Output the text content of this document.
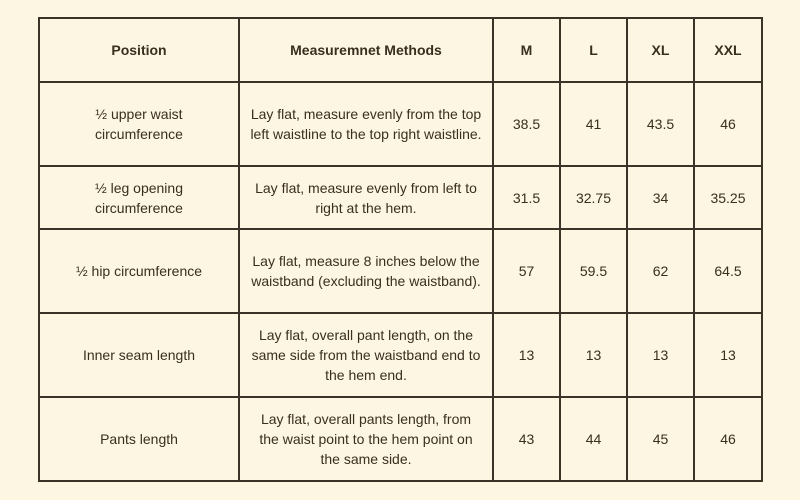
Position	Measuremnet Methods	M	L	XL	XXL
½ upper waist circumference	Lay flat, measure evenly from the top left waistline to the top right waistline.	38.5	41	43.5	46
½ leg opening circumference	Lay flat, measure evenly from left to right at the hem.	31.5	32.75	34	35.25
½ hip circumference	Lay flat, measure 8 inches below the waistband (excluding the waistband).	57	59.5	62	64.5
Inner seam length	Lay flat, overall pant length, on the same side from the waistband end to the hem end.	13	13	13	13
Pants length	Lay flat, overall pants length, from the waist point to the hem point on the same side.	43	44	45	46
